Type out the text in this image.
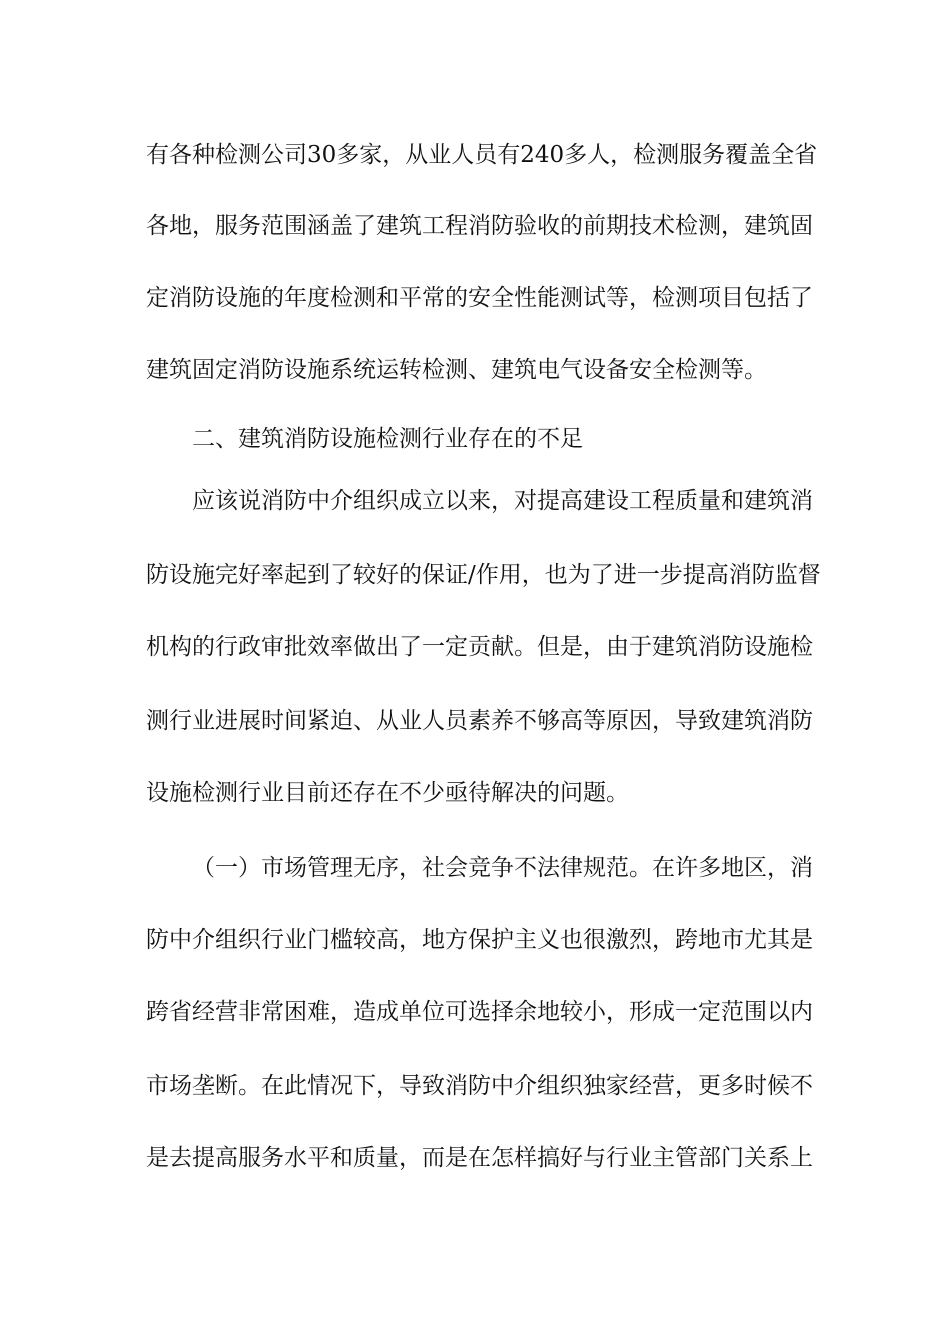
有各种检测公司30多家，从业人员有240多人，检测服务覆盖全省
各地，服务范围涵盖了建筑工程消防验收的前期技术检测，建筑固
定消防设施的年度检测和平常的安全性能测试等，检测项目包括了
建筑固定消防设施系统运转检测、建筑电气设备安全检测等。
二、建筑消防设施检测行业存在的不足
应该说消防中介组织成立以来，对提高建设工程质量和建筑消
防设施完好率起到了较好的保证/作用，也为了进一步提高消防监督
机构的行政审批效率做出了一定贡献。但是，由于建筑消防设施检
测行业进展时间紧迫、从业人员素养不够高等原因，导致建筑消防
设施检测行业目前还存在不少亟待解决的问题。
（一）市场管理无序，社会竞争不法律规范。在许多地区，消
防中介组织行业门槛较高，地方保护主义也很激烈，跨地市尤其是
跨省经营非常困难，造成单位可选择余地较小，形成一定范围以内
市场垄断。在此情况下，导致消防中介组织独家经营，更多时候不
是去提高服务水平和质量，而是在怎样搞好与行业主管部门关系上
